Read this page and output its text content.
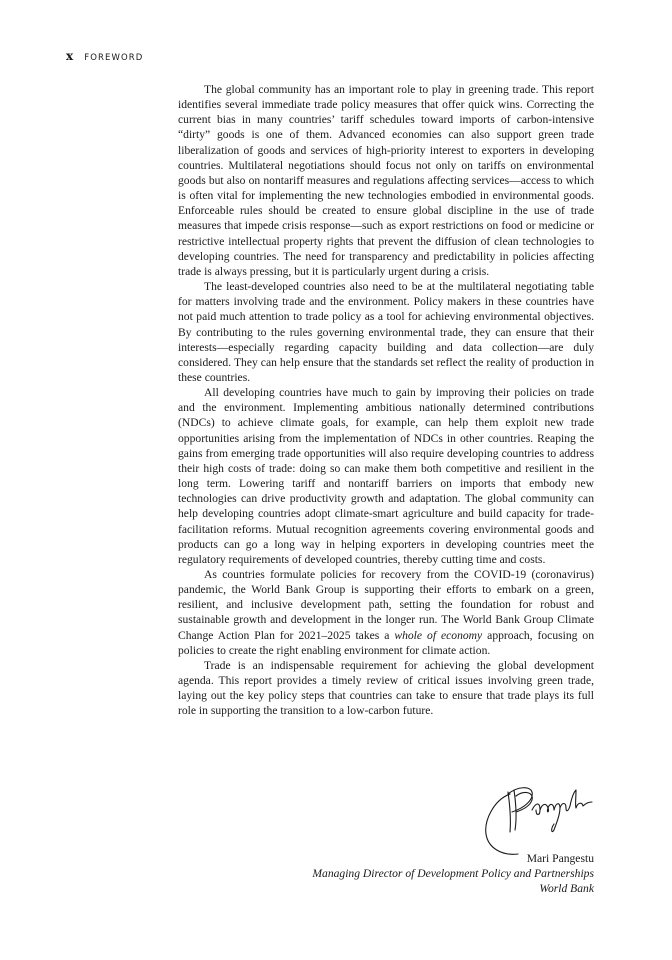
x FOREWORD

The global community has an important role to play in greening trade. This report identifies several immediate trade policy measures that offer quick wins. Correcting the current bias in many countries’ tariff schedules toward imports of carbon-intensive “dirty” goods is one of them. Advanced economies can also support green trade liberalization of goods and services of high-priority interest to exporters in developing countries. Multilateral negotiations should focus not only on tariffs on environmental goods but also on nontariff measures and regulations affecting services—access to which is often vital for implementing the new technologies embodied in environmental goods. Enforceable rules should be created to ensure global discipline in the use of trade measures that impede crisis response—such as export restrictions on food or medicine or restrictive intellectual property rights that prevent the diffusion of clean technologies to developing countries. The need for transparency and predictability in policies affecting trade is always pressing, but it is particularly urgent during a crisis.

The least-developed countries also need to be at the multilateral negotiating table for matters involving trade and the environment. Policy makers in these countries have not paid much attention to trade policy as a tool for achieving environmental objectives. By contributing to the rules governing environmental trade, they can ensure that their interests—especially regarding capacity building and data collection—are duly considered. They can help ensure that the standards set reflect the reality of production in these countries.

All developing countries have much to gain by improving their policies on trade and the environment. Implementing ambitious nationally determined contributions (NDCs) to achieve climate goals, for example, can help them exploit new trade opportunities arising from the implementation of NDCs in other countries. Reaping the gains from emerging trade opportunities will also require developing countries to address their high costs of trade: doing so can make them both competitive and resilient in the long term. Lowering tariff and nontariff barriers on imports that embody new technologies can drive productivity growth and adaptation. The global community can help developing countries adopt climate-smart agriculture and build capacity for trade-facilitation reforms. Mutual recognition agreements covering environmental goods and products can go a long way in helping exporters in developing countries meet the regulatory requirements of developed countries, thereby cutting time and costs.

As countries formulate policies for recovery from the COVID-19 (coronavirus) pandemic, the World Bank Group is supporting their efforts to embark on a green, resilient, and inclusive development path, setting the foundation for robust and sustainable growth and development in the longer run. The World Bank Group Climate Change Action Plan for 2021–2025 takes a whole of economy approach, focusing on policies to create the right enabling environment for climate action.

Trade is an indispensable requirement for achieving the global development agenda. This report provides a timely review of critical issues involving green trade, laying out the key policy steps that countries can take to ensure that trade plays its full role in supporting the transition to a low-carbon future.

Mari Pangestu
Managing Director of Development Policy and Partnerships
World Bank
